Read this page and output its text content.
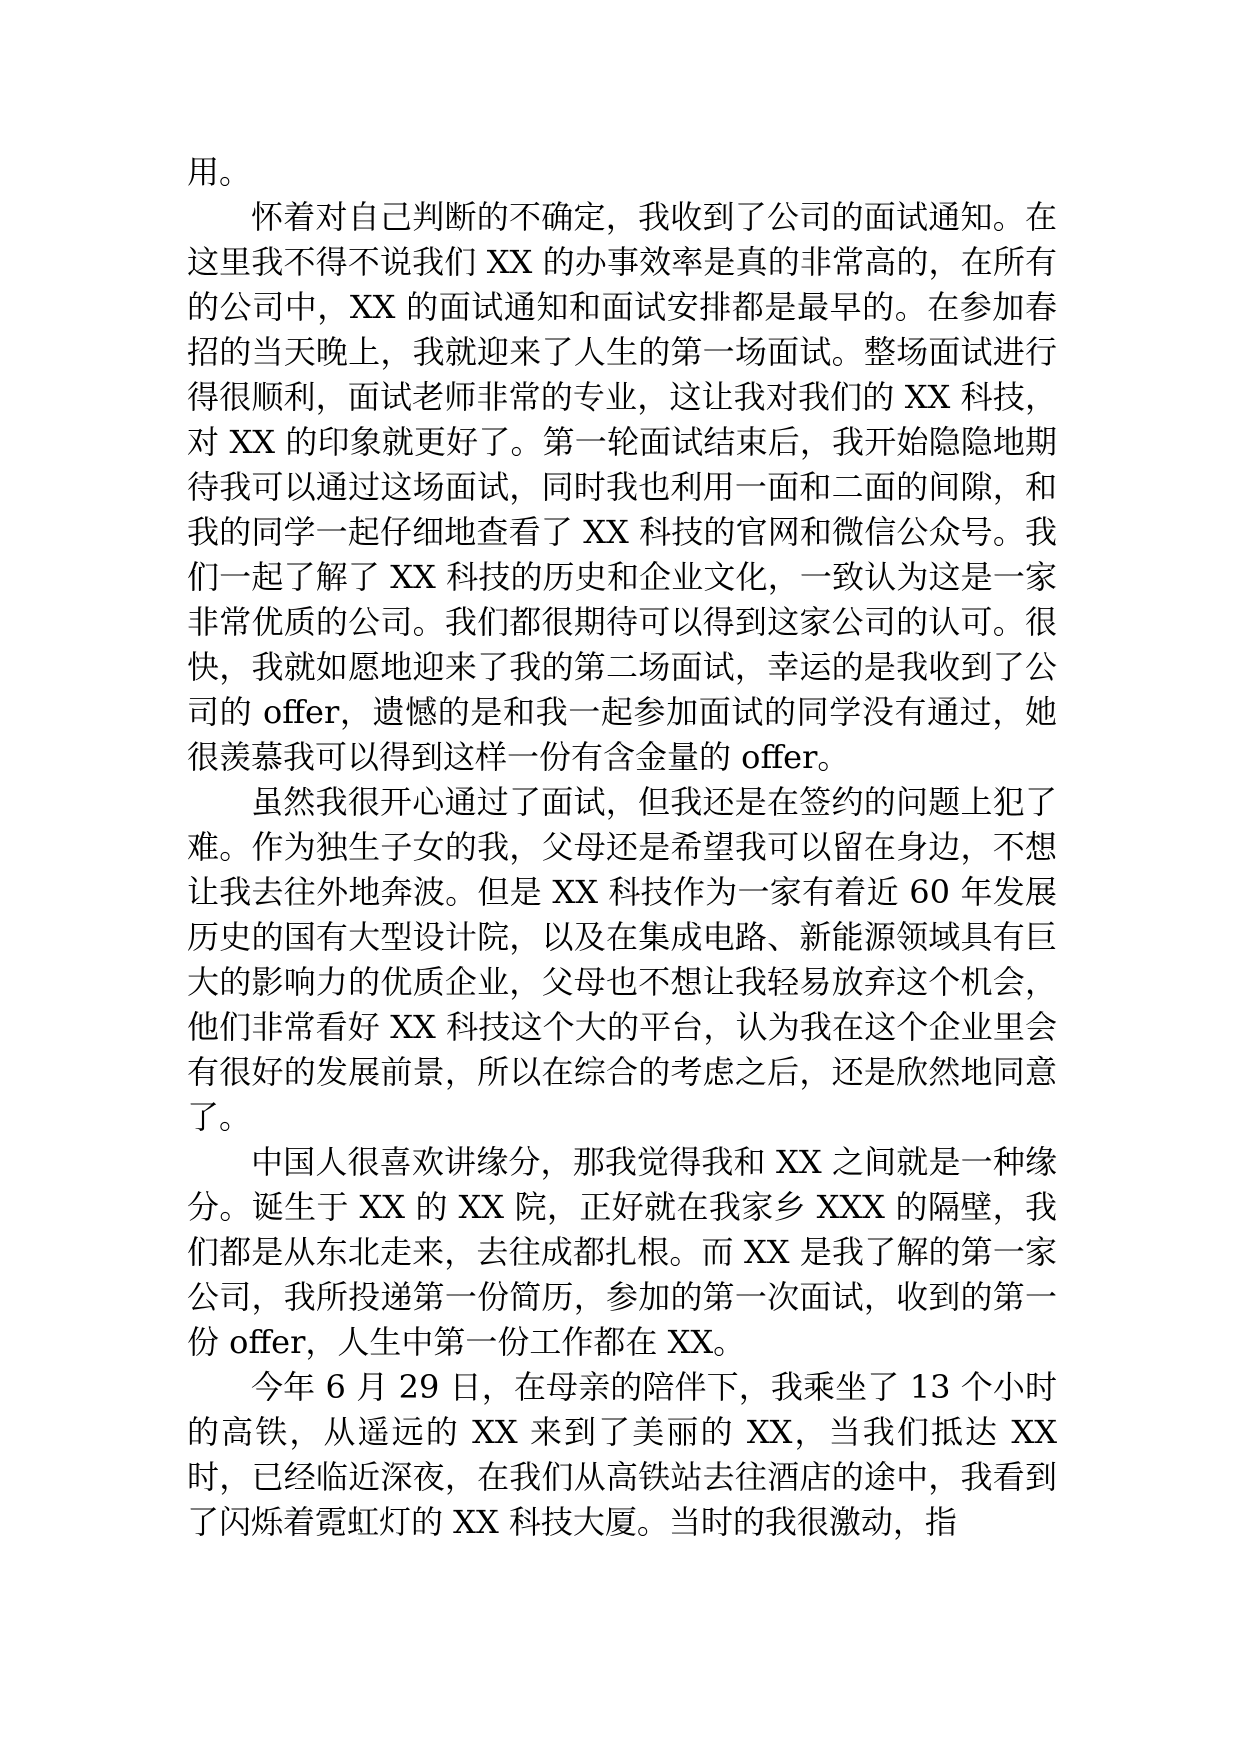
用。

怀着对自己判断的不确定，我收到了公司的面试通知。在这里我不得不说我们 XX 的办事效率是真的非常高的，在所有的公司中，XX 的面试通知和面试安排都是最早的。在参加春招的当天晚上，我就迎来了人生的第一场面试。整场面试进行得很顺利，面试老师非常的专业，这让我对我们的 XX 科技，对 XX 的印象就更好了。第一轮面试结束后，我开始隐隐地期待我可以通过这场面试，同时我也利用一面和二面的间隙，和我的同学一起仔细地查看了 XX 科技的官网和微信公众号。我们一起了解了 XX 科技的历史和企业文化，一致认为这是一家非常优质的公司。我们都很期待可以得到这家公司的认可。很快，我就如愿地迎来了我的第二场面试，幸运的是我收到了公司的 offer，遗憾的是和我一起参加面试的同学没有通过，她很羡慕我可以得到这样一份有含金量的 offer。

虽然我很开心通过了面试，但我还是在签约的问题上犯了难。作为独生子女的我，父母还是希望我可以留在身边，不想让我去往外地奔波。但是 XX 科技作为一家有着近 60 年发展历史的国有大型设计院，以及在集成电路、新能源领域具有巨大的影响力的优质企业，父母也不想让我轻易放弃这个机会，他们非常看好 XX 科技这个大的平台，认为我在这个企业里会有很好的发展前景，所以在综合的考虑之后，还是欣然地同意了。

中国人很喜欢讲缘分，那我觉得我和 XX 之间就是一种缘分。诞生于 XX 的 XX 院，正好就在我家乡 XXX 的隔壁，我们都是从东北走来，去往成都扎根。而 XX 是我了解的第一家公司，我所投递第一份简历，参加的第一次面试，收到的第一份 offer，人生中第一份工作都在 XX。

今年 6 月 29 日，在母亲的陪伴下，我乘坐了 13 个小时的高铁，从遥远的 XX 来到了美丽的 XX，当我们抵达 XX 时，已经临近深夜，在我们从高铁站去往酒店的途中，我看到了闪烁着霓虹灯的 XX 科技大厦。当时的我很激动，指
